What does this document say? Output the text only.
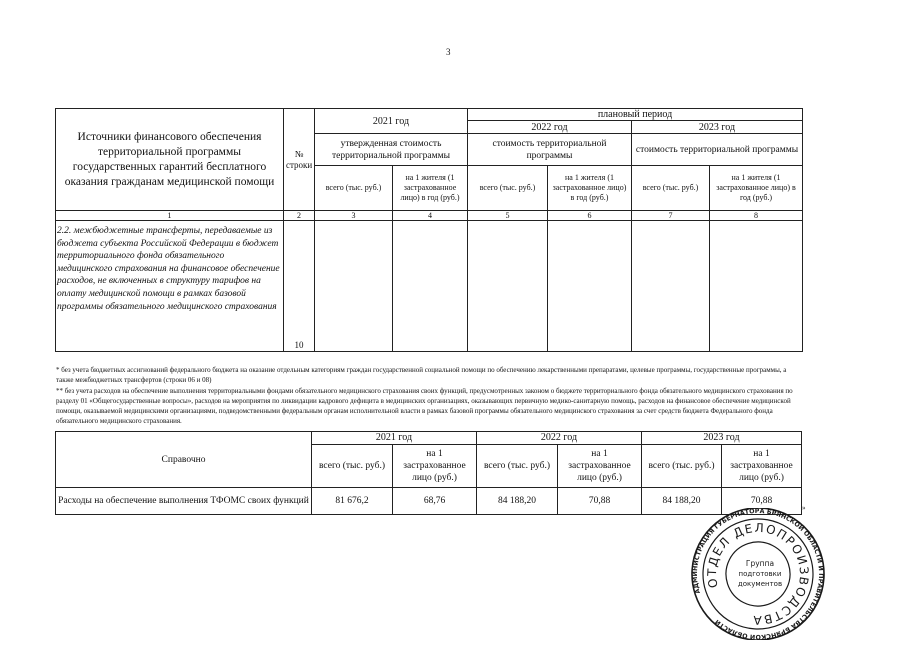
3
Источники финансового обеспечения территориальной программы государственных гарантий бесплатного оказания гражданам медицинской помощи	№ строки	2021 год		плановый период			
				2022 год		2023 год	
		утвержденная стоимость территориальной программы		стоимость территориальной программы		стоимость территориальной программы	
		всего (тыс. руб.)	на 1 жителя (1 застрахованное лицо) в год (руб.)	всего (тыс. руб.)	на 1 жителя (1 застрахованное лицо) в год (руб.)	всего (тыс. руб.)	на 1 жителя (1 застрахованное лицо) в год (руб.)
1	2	3	4	5	6	7	8
2.2. межбюджетные трансферты, передаваемые из бюджета субъекта Российской Федерации в бюджет территориального фонда обязательного медицинского страхования на финансовое обеспечение расходов, не включенных в структуру тарифов на оплату медицинской помощи в рамках базовой программы обязательного медицинского страхования	10						
* без учета бюджетных ассигнований федерального бюджета на оказание отдельным категориям граждан государственной социальной помощи по обеспечению лекарственными препаратами, целевые программы, государственные программы, а также межбюджетных трансфертов (строки 06 и 08)
** без учета расходов на обеспечение выполнения территориальными фондами обязательного медицинского страхования своих функций, предусмотренных законом о бюджете территориального фонда обязательного медицинского страхования по разделу 01 «Общегосударственные вопросы», расходов на мероприятия по ликвидации кадрового дефицита в медицинских организациях, оказывающих первичную медико-санитарную помощь, расходов на финансовое обеспечение медицинской помощи, оказываемой медицинскими организациями, подведомственными федеральным органам исполнительной власти в рамках базовой программы обязательного медицинского страхования за счет средств бюджета Федерального фонда обязательного медицинского страхования.
Справочно	2021 год		2022 год		2023 год	
	всего (тыс. руб.)	на 1 застрахованное лицо (руб.)	всего (тыс. руб.)	на 1 застрахованное лицо (руб.)	всего (тыс. руб.)	на 1 застрахованное лицо (руб.)
Расходы на обеспечение выполнения ТФОМС своих функций	81 676,2	68,76	84 188,20	70,88	84 188,20	70,88
»
АДМИНИСТРАЦИЯ ГУБЕРНАТОРА БРЯНСКОЙ ОБЛАСТИ И ПРАВИТЕЛЬСТВА БРЯНСКОЙ ОБЛАСТИ
ОТДЕЛ ДЕЛОПРОИЗВОДСТВА
Группа
подготовки
документов
